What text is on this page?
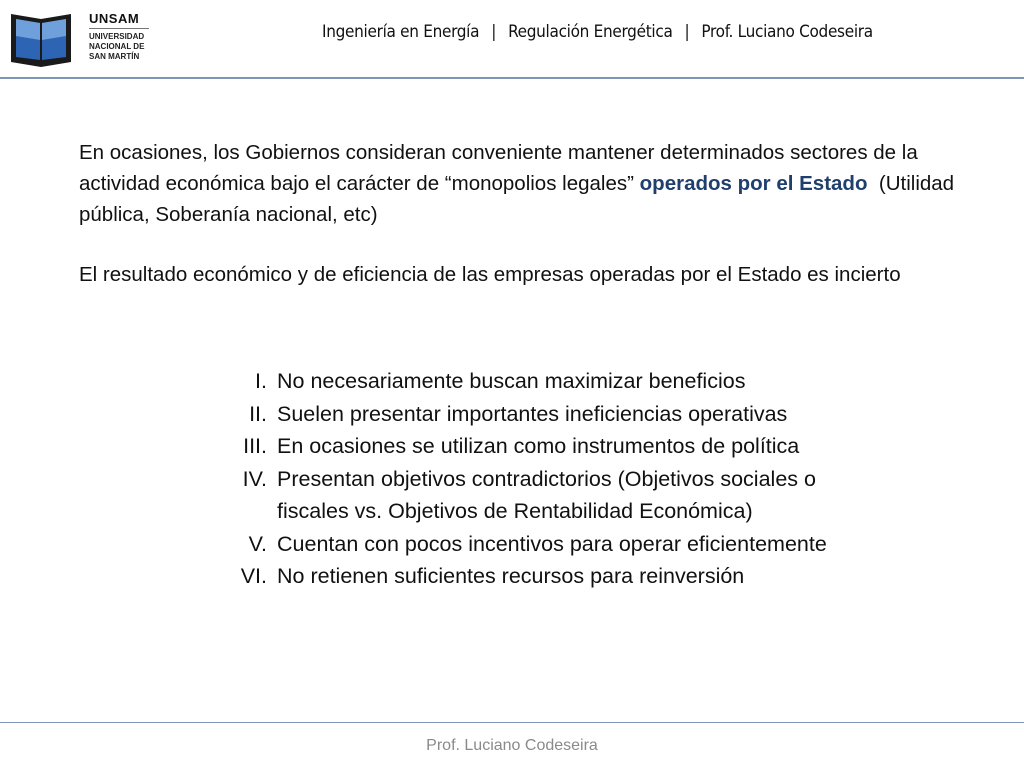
UNSAM
UNIVERSIDAD
NACIONAL DE
SAN MARTÍN
Ingeniería en Energía | Regulación Energética | Prof. Luciano Codeseira
En ocasiones, los Gobiernos consideran conveniente mantener determinados sectores de la actividad económica bajo el carácter de “monopolios legales” operados por el Estado (Utilidad pública, Soberanía nacional, etc)
El resultado económico y de eficiencia de las empresas operadas por el Estado es incierto
I. No necesariamente buscan maximizar beneficios
II. Suelen presentar importantes ineficiencias operativas
III. En ocasiones se utilizan como instrumentos de política
IV. Presentan objetivos contradictorios (Objetivos sociales o fiscales vs. Objetivos de Rentabilidad Económica)
V. Cuentan con pocos incentivos para operar eficientemente
VI. No retienen suficientes recursos para reinversión
Prof. Luciano Codeseira
